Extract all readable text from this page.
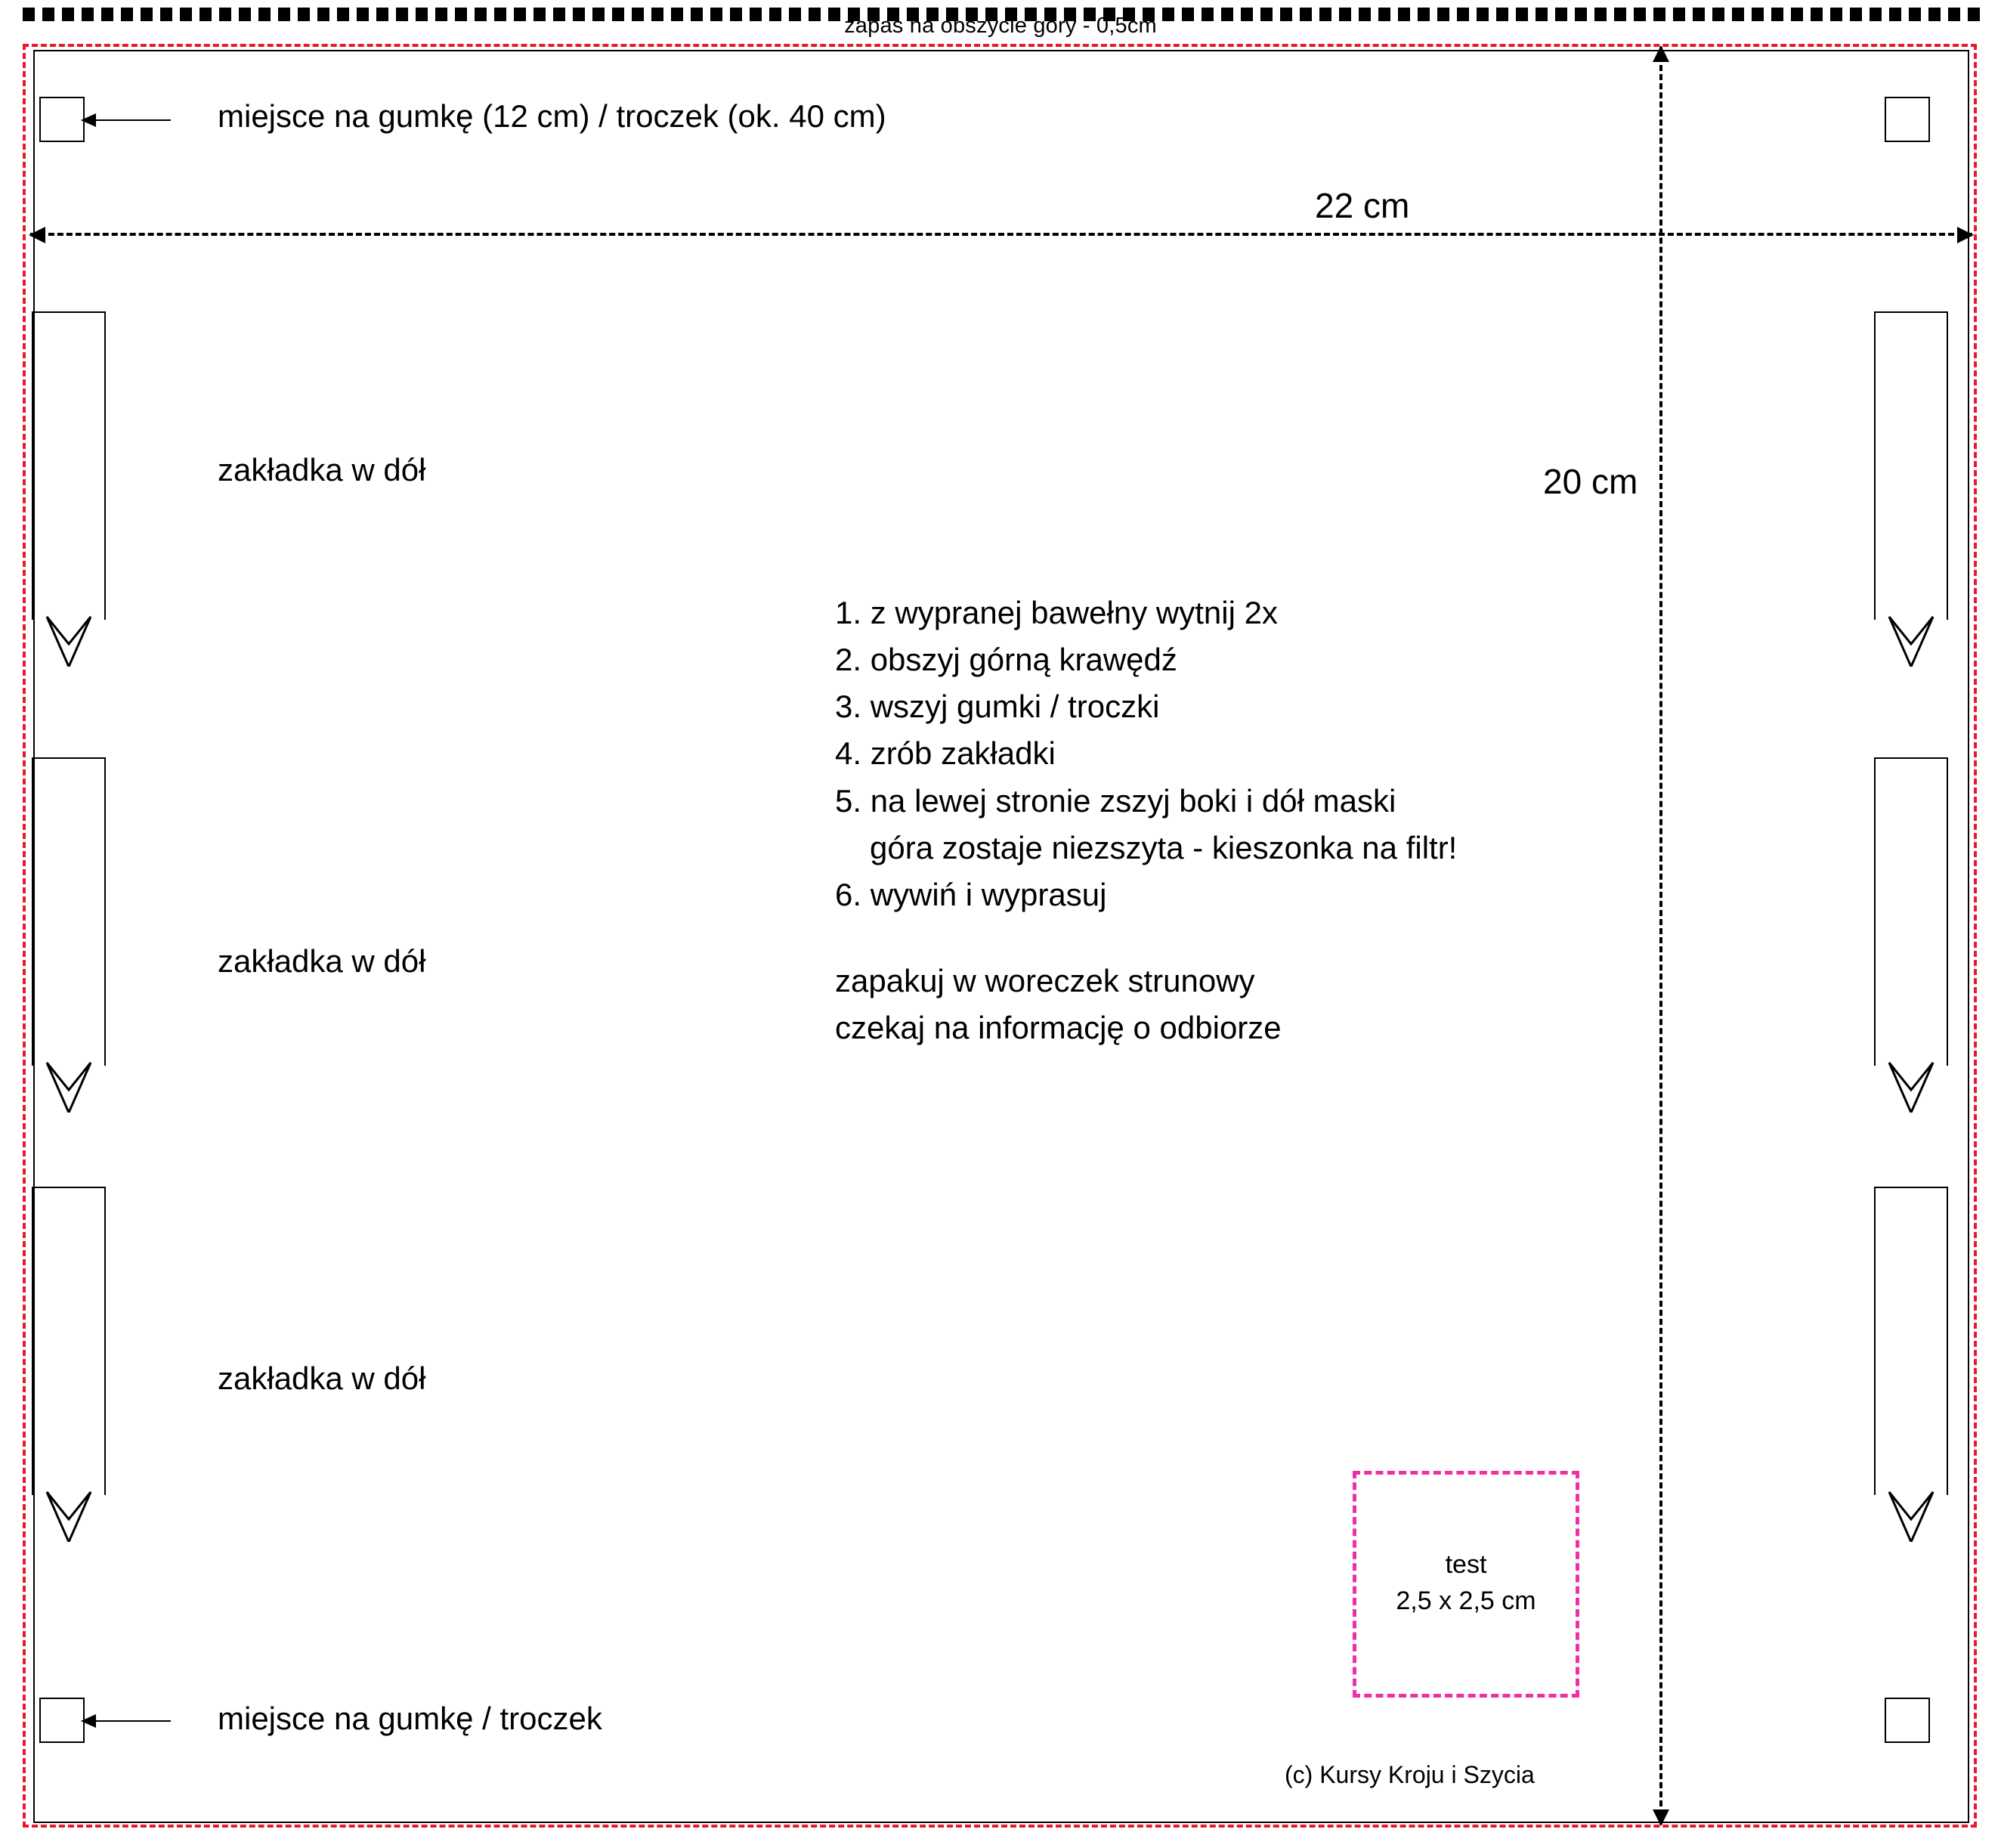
zapas na obszycie góry - 0,5cm
miejsce na gumkę (12 cm) / troczek (ok. 40 cm)
miejsce na gumkę / troczek
22 cm
20 cm
zakładka w dół
zakładka w dół
zakładka w dół
1. z wypranej bawełny wytnij 2x
2. obszyj górną krawędź
3. wszyj gumki / troczki
4. zrób zakładki
5. na lewej stronie zszyj boki i dół maski
góra zostaje niezszyta - kieszonka na filtr!
6. wywiń i wyprasuj
zapakuj w woreczek strunowy
czekaj na informację o odbiorze
test
2,5 x 2,5 cm
(c) Kursy Kroju i Szycia
